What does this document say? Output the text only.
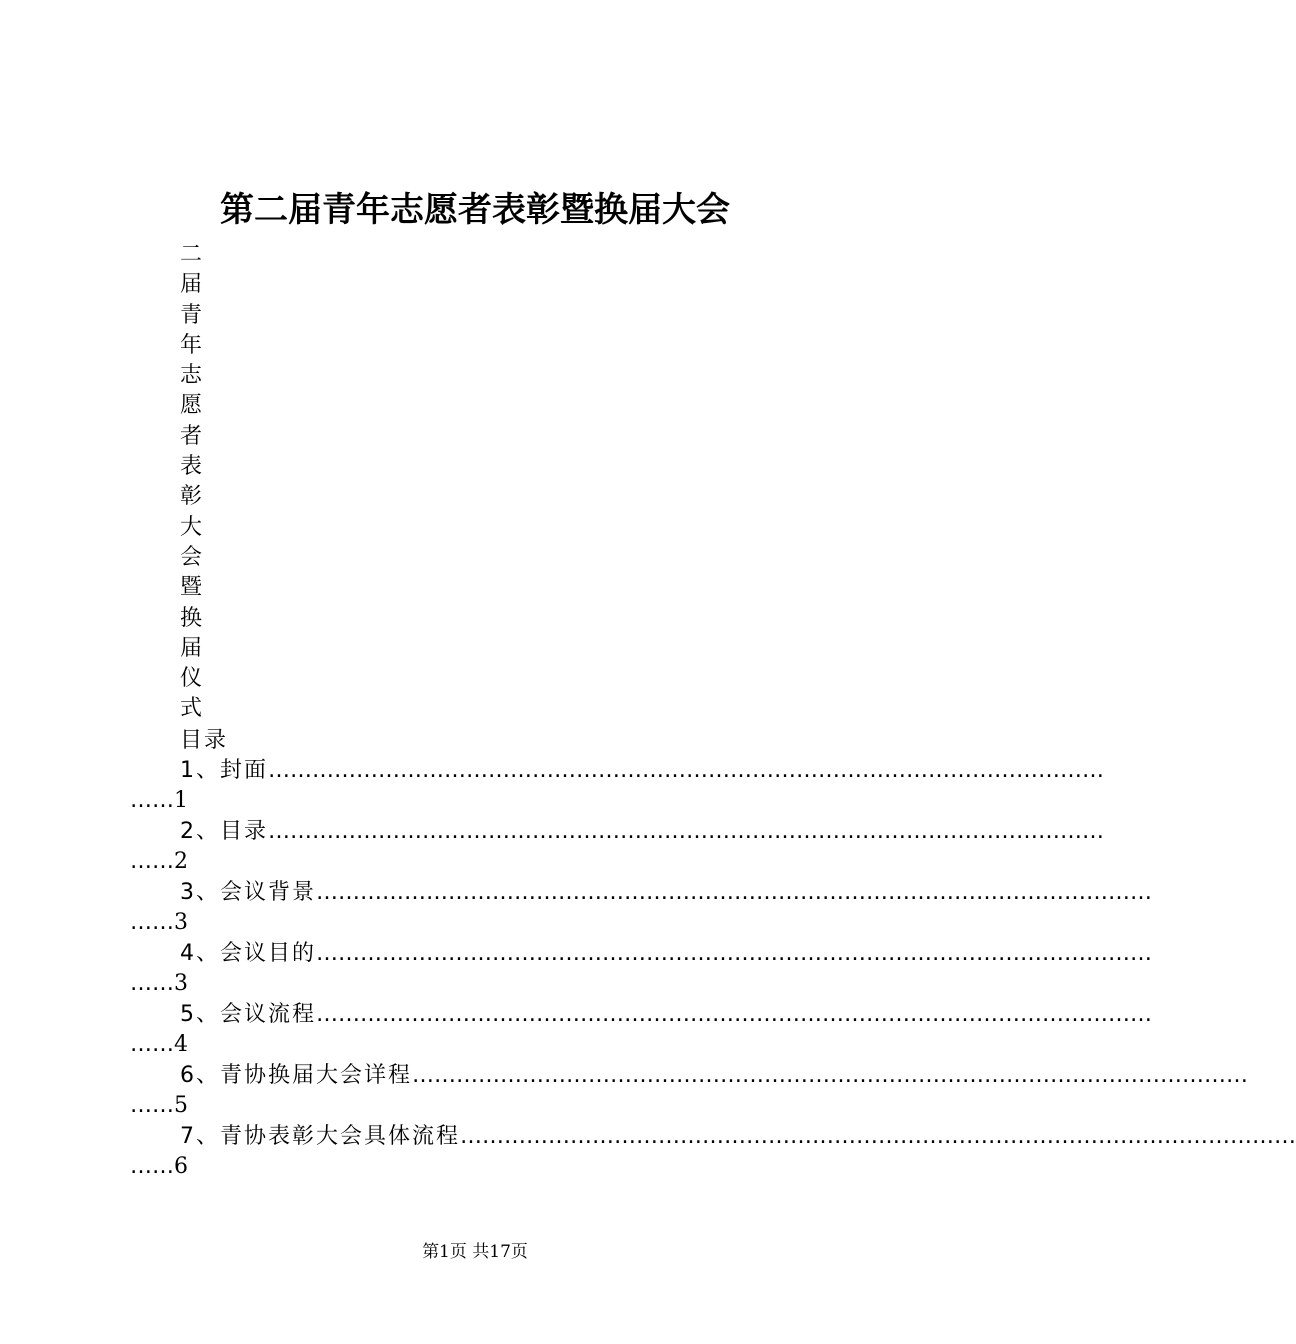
第二届青年志愿者表彰暨换届大会
二
届
青
年
志
愿
者
表
彰
大
会
暨
换
届
仪
式
目录
1、封面……………………………………………………………………………………………………
……1
2、目录……………………………………………………………………………………………………
……2
3、会议背景……………………………………………………………………………………………………
……3
4、会议目的……………………………………………………………………………………………………
……3
5、会议流程……………………………………………………………………………………………………
……4
6、青协换届大会详程……………………………………………………………………………………………………
……5
7、青协表彰大会具体流程……………………………………………………………………………………………………
……6
第1页 共17页
